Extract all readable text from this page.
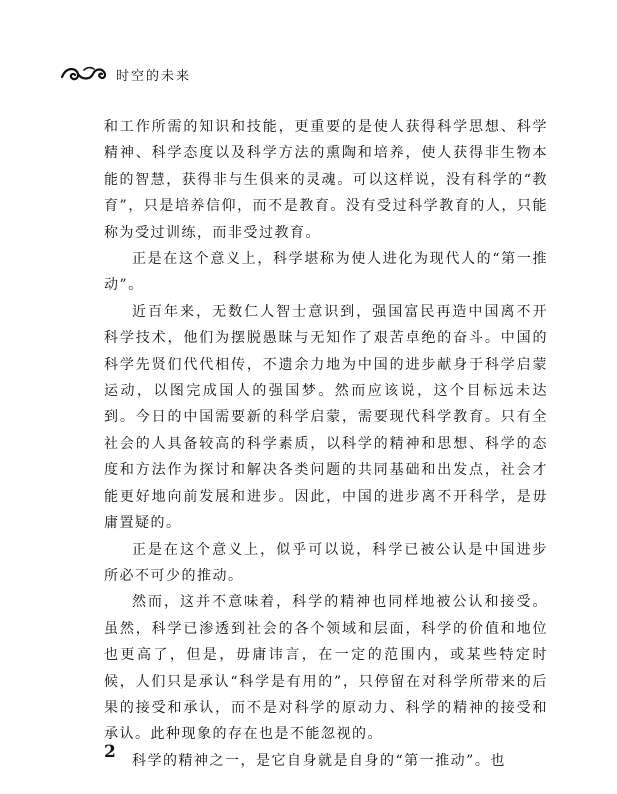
时空的未来

和工作所需的知识和技能，更重要的是使人获得科学思想、科学精神、科学态度以及科学方法的熏陶和培养，使人获得非生物本能的智慧，获得非与生俱来的灵魂。可以这样说，没有科学的“教育”，只是培养信仰，而不是教育。没有受过科学教育的人，只能称为受过训练，而非受过教育。

正是在这个意义上，科学堪称为使人进化为现代人的“第一推动”。

近百年来，无数仁人智士意识到，强国富民再造中国离不开科学技术，他们为摆脱愚昧与无知作了艰苦卓绝的奋斗。中国的科学先贤们代代相传，不遗余力地为中国的进步献身于科学启蒙运动，以图完成国人的强国梦。然而应该说，这个目标远未达到。今日的中国需要新的科学启蒙，需要现代科学教育。只有全社会的人具备较高的科学素质，以科学的精神和思想、科学的态度和方法作为探讨和解决各类问题的共同基础和出发点，社会才能更好地向前发展和进步。因此，中国的进步离不开科学，是毋庸置疑的。

正是在这个意义上，似乎可以说，科学已被公认是中国进步所必不可少的推动。

然而，这并不意味着，科学的精神也同样地被公认和接受。虽然，科学已渗透到社会的各个领域和层面，科学的价值和地位也更高了，但是，毋庸讳言，在一定的范围内，或某些特定时候，人们只是承认“科学是有用的”，只停留在对科学所带来的后果的接受和承认，而不是对科学的原动力、科学的精神的接受和承认。此种现象的存在也是不能忽视的。

科学的精神之一，是它自身就是自身的“第一推动”。也

2
